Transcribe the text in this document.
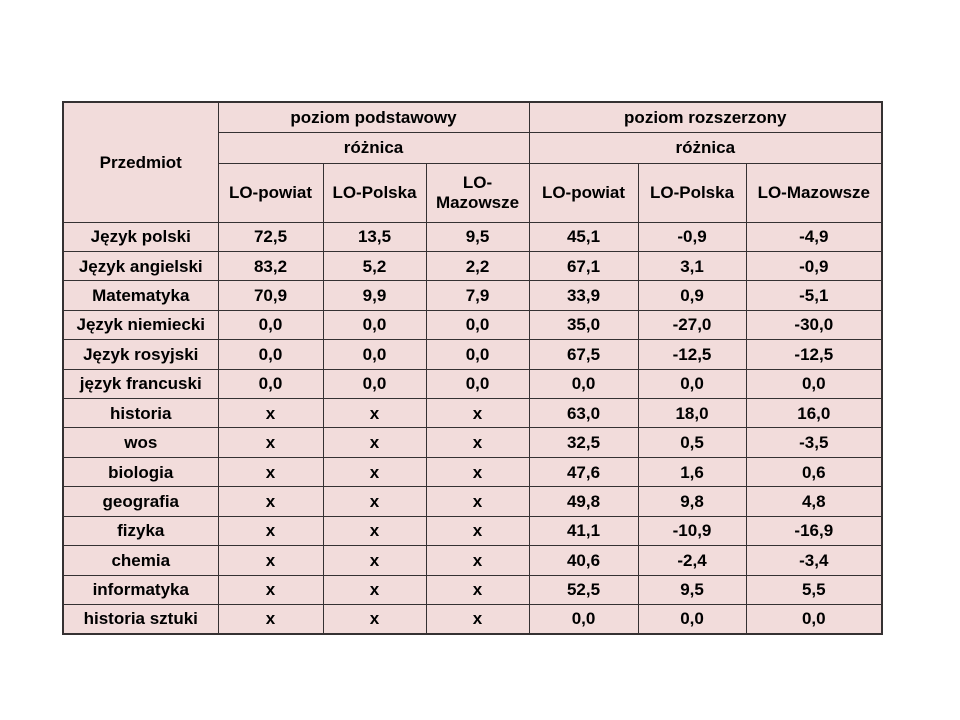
Przedmiot	poziom podstawowy			poziom rozszerzony		
	różnica			różnica		
	LO-powiat	LO-Polska	LO-Mazowsze	LO-powiat	LO-Polska	LO-Mazowsze
Język polski	72,5	13,5	9,5	45,1	-0,9	-4,9
Język angielski	83,2	5,2	2,2	67,1	3,1	-0,9
Matematyka	70,9	9,9	7,9	33,9	0,9	-5,1
Język niemiecki	0,0	0,0	0,0	35,0	-27,0	-30,0
Język rosyjski	0,0	0,0	0,0	67,5	-12,5	-12,5
język francuski	0,0	0,0	0,0	0,0	0,0	0,0
historia	x	x	x	63,0	18,0	16,0
wos	x	x	x	32,5	0,5	-3,5
biologia	x	x	x	47,6	1,6	0,6
geografia	x	x	x	49,8	9,8	4,8
fizyka	x	x	x	41,1	-10,9	-16,9
chemia	x	x	x	40,6	-2,4	-3,4
informatyka	x	x	x	52,5	9,5	5,5
historia sztuki	x	x	x	0,0	0,0	0,0
